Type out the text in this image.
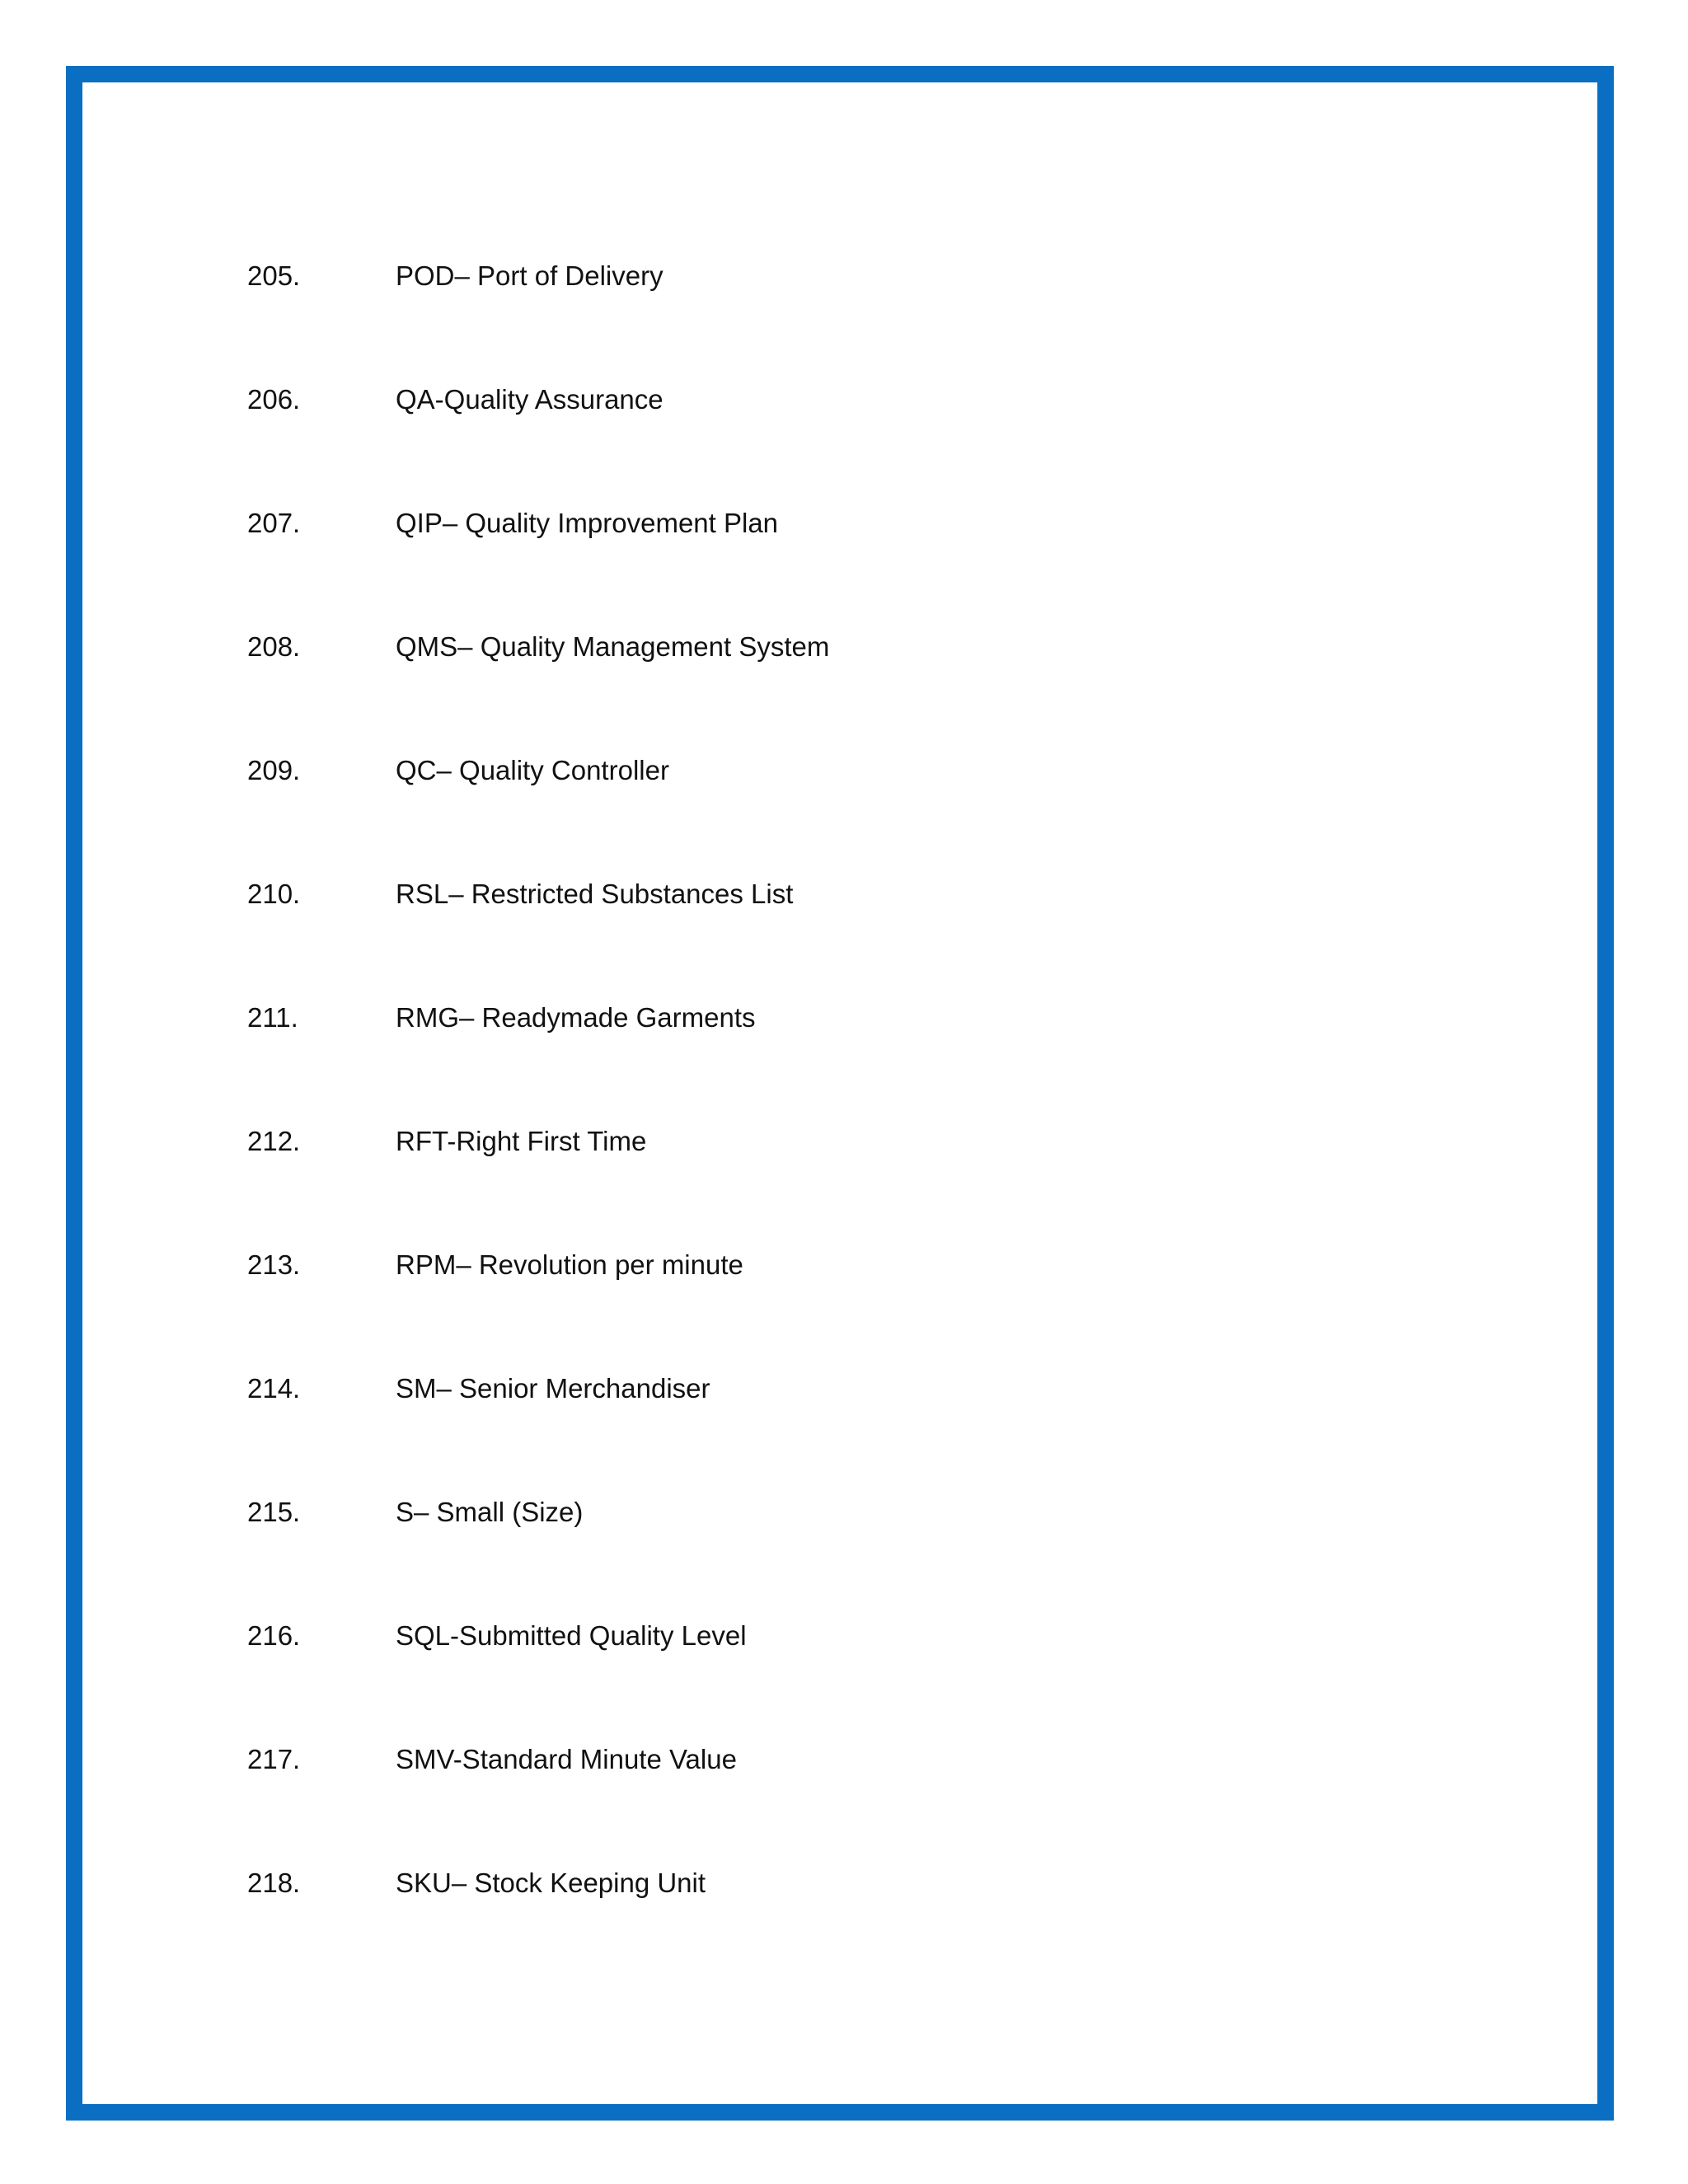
205.	POD– Port of Delivery
206.	QA-Quality Assurance
207.	QIP– Quality Improvement Plan
208.	QMS– Quality Management System
209.	QC– Quality Controller
210.	RSL– Restricted Substances List
211.	RMG– Readymade Garments
212.	RFT-Right First Time
213.	RPM– Revolution per minute
214.	SM– Senior Merchandiser
215.	S– Small (Size)
216.	SQL-Submitted Quality Level
217.	SMV-Standard Minute Value
218.	SKU– Stock Keeping Unit
